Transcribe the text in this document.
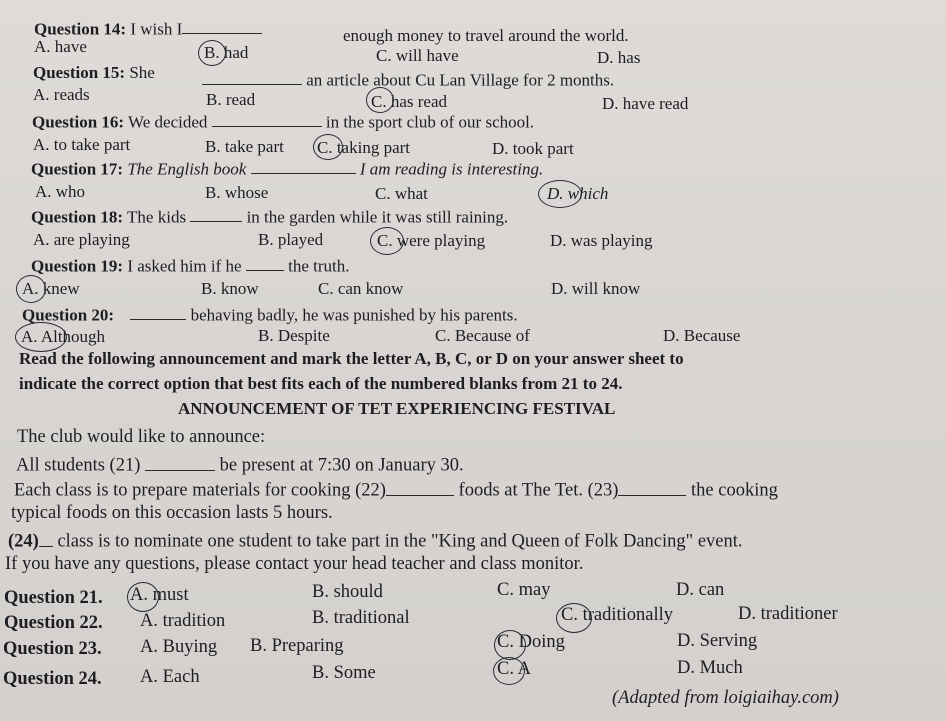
Question 14: I wish I	enough money to travel around the world.
A. have	B. had	C. will have	D. has
Question 15: She	an article about Cu Lan Village for 2 months.
A. reads	B. read	C. has read	D. have read
Question 16: We decided	in the sport club of our school.
A. to take part	B. take part C. taking part	D. took part
Question 17: The English book	I am reading is interesting.
A. who	B. whose	C. what	D. which
Question 18: The kids	in the garden while it was still raining.
A. are playing	B. played	C. were playing	D. was playing
Question 19: I asked him if he	the truth.
A. knew	B. know	C. can know	D. will know
Question 20:	behaving badly, he was punished by his parents.
A. Although	B. Despite	C. Because of	D. Because
Read the following announcement and mark the letter A, B, C, or D on your answer sheet to
indicate the correct option that best fits each of the numbered blanks from 21 to 24.
ANNOUNCEMENT OF TET EXPERIENCING FESTIVAL
The club would like to announce:
All students (21)	be present at 7:30 on January 30.
Each class is to prepare materials for cooking (22)	foods at The Tet. (23)	the cooking
typical foods on this occasion lasts 5 hours.
(24) class is to nominate one student to take part in the "King and Queen of Folk Dancing" event.
If you have any questions, please contact your head teacher and class monitor.
Question 21. A. must	B. should	C. may	D. can
Question 22. A. tradition	B. traditional	C. traditionally	D. traditioner
Question 23. A. Buying B. Preparing	C. Doing	D. Serving
Question 24. A. Each	B. Some	C. A	D. Much
(Adapted from loigiaihay.com)
